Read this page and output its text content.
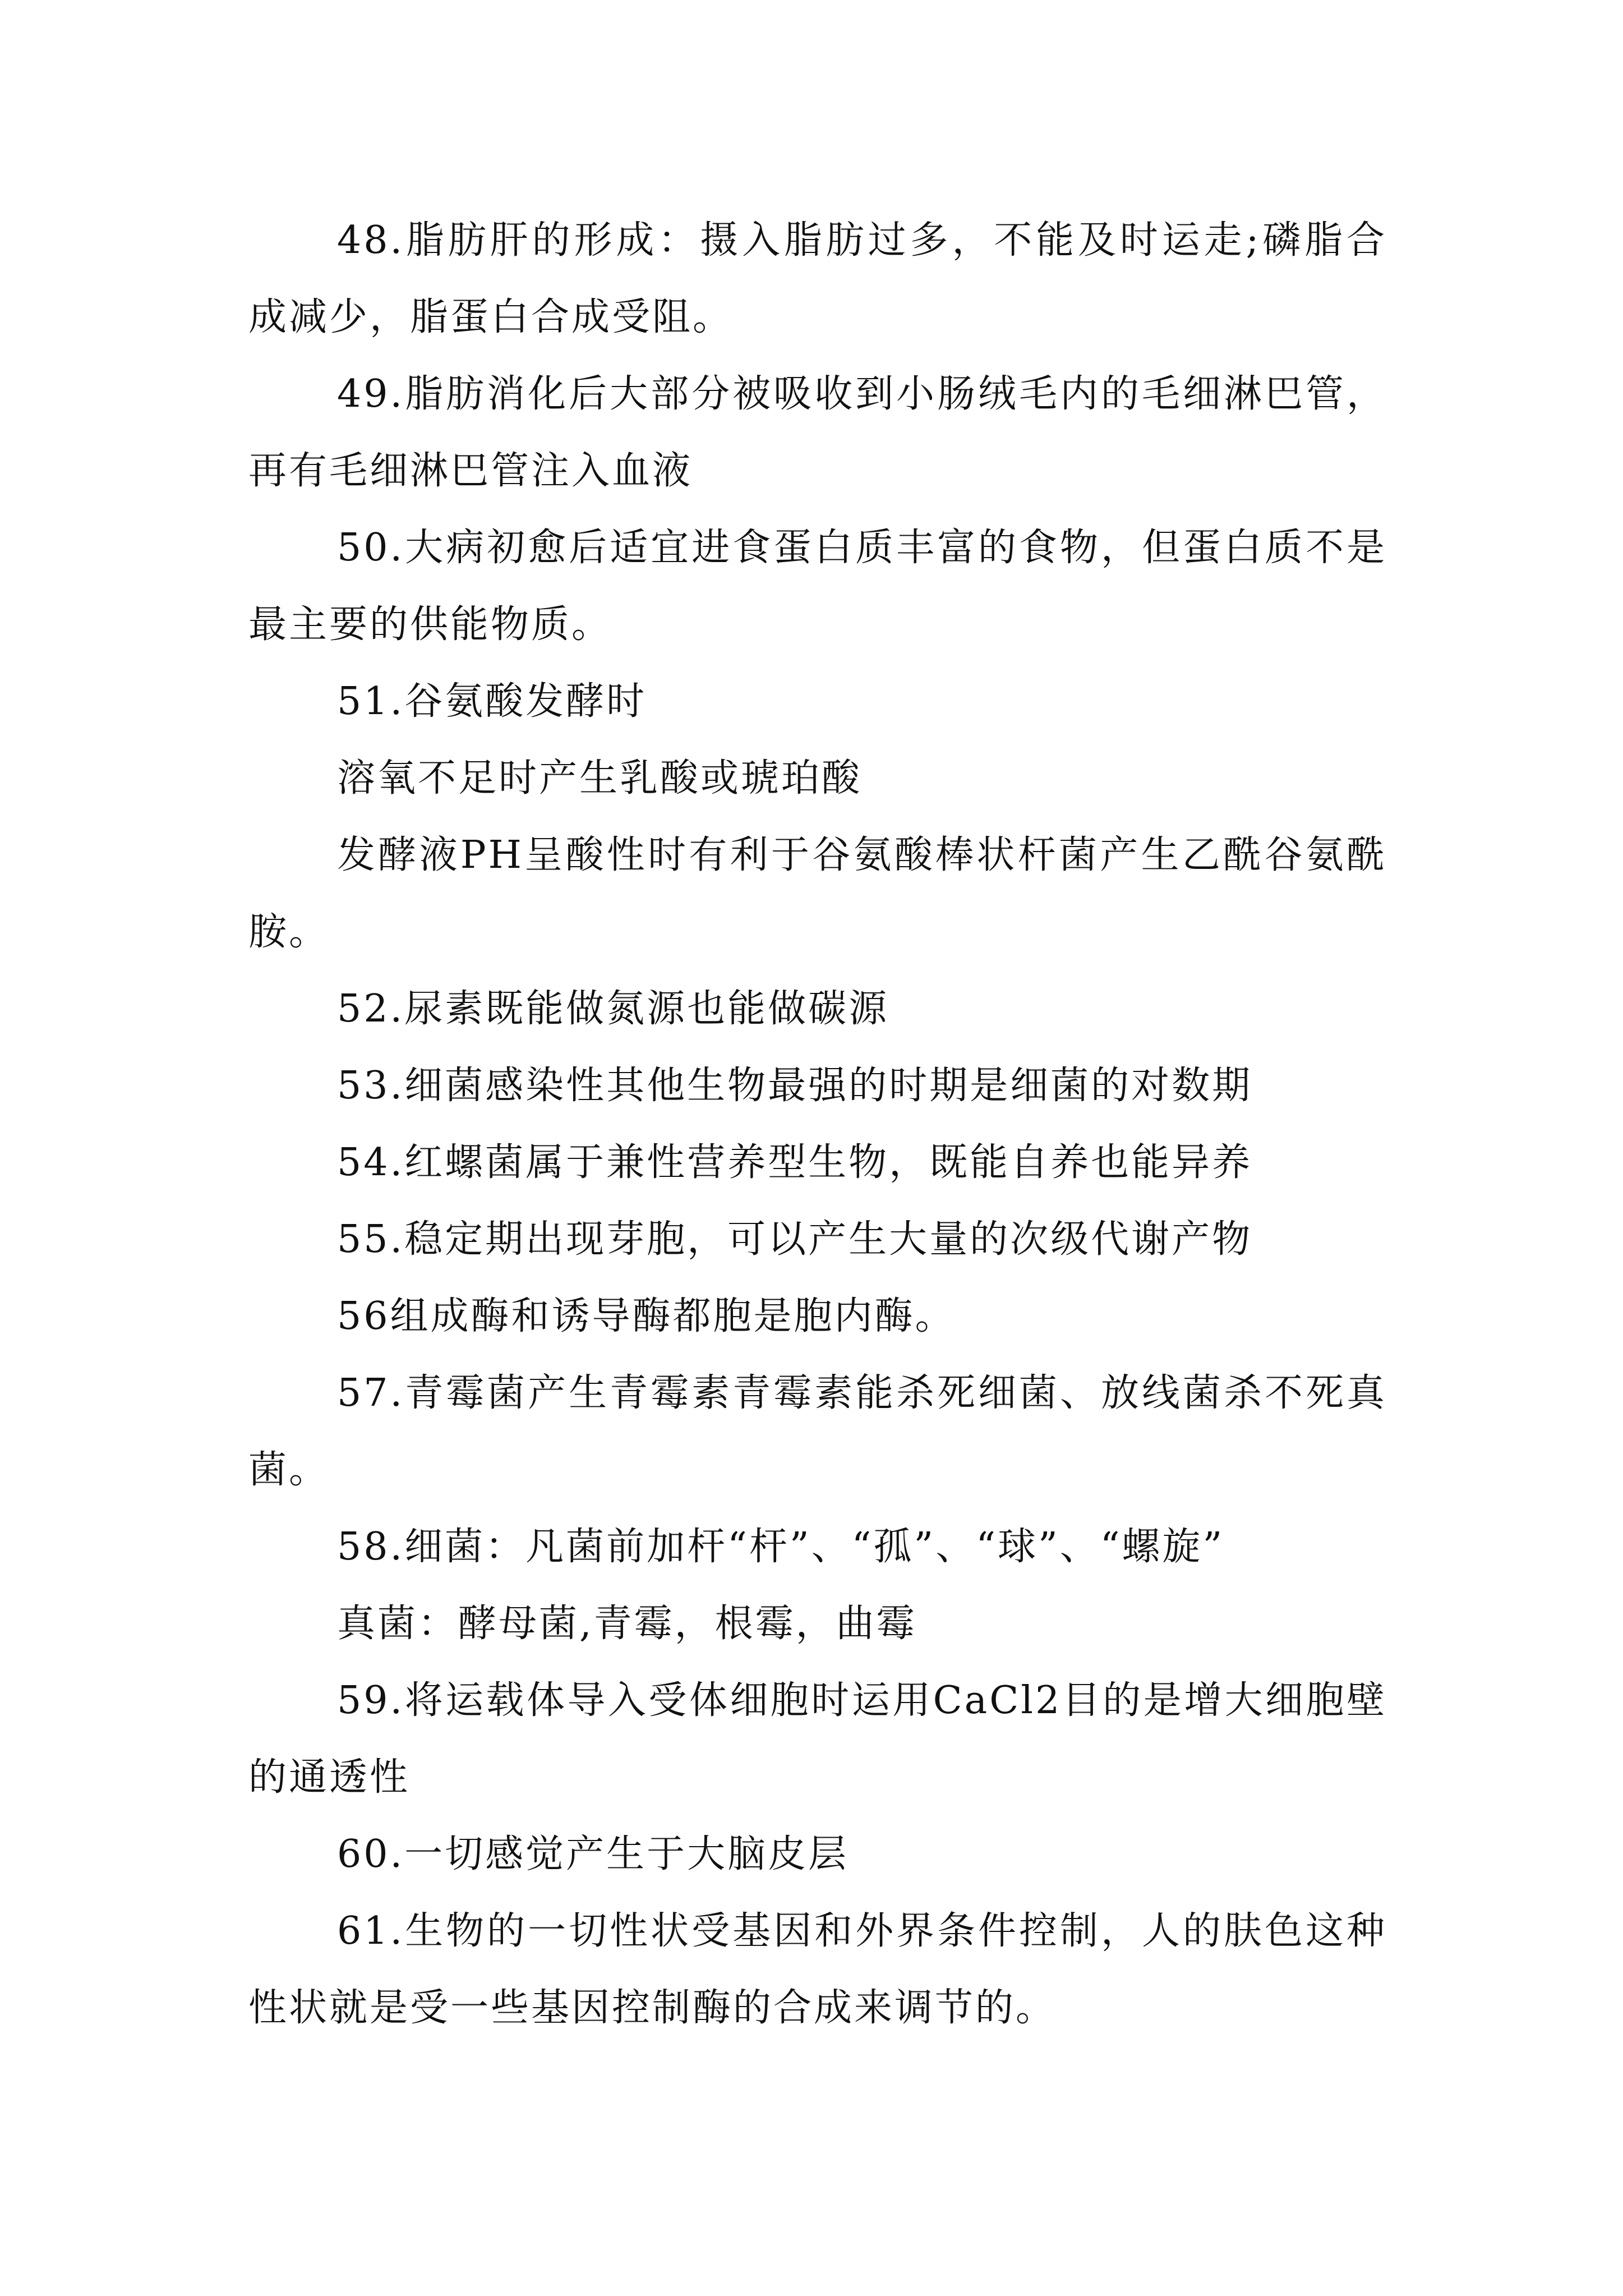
48.脂肪肝的形成：摄入脂肪过多，不能及时运走;磷脂合成减少，脂蛋白合成受阻。

49.脂肪消化后大部分被吸收到小肠绒毛内的毛细淋巴管，再有毛细淋巴管注入血液

50.大病初愈后适宜进食蛋白质丰富的食物，但蛋白质不是最主要的供能物质。

51.谷氨酸发酵时

溶氧不足时产生乳酸或琥珀酸

发酵液PH呈酸性时有利于谷氨酸棒状杆菌产生乙酰谷氨酰胺。

52.尿素既能做氮源也能做碳源

53.细菌感染性其他生物最强的时期是细菌的对数期

54.红螺菌属于兼性营养型生物，既能自养也能异养

55.稳定期出现芽胞，可以产生大量的次级代谢产物

56组成酶和诱导酶都胞是胞内酶。

57.青霉菌产生青霉素青霉素能杀死细菌、放线菌杀不死真菌。

58.细菌：凡菌前加杆“杆”、“孤”、“球”、“螺旋”

真菌：酵母菌,青霉，根霉，曲霉

59.将运载体导入受体细胞时运用CaCl2目的是增大细胞壁的通透性

60.一切感觉产生于大脑皮层

61.生物的一切性状受基因和外界条件控制，人的肤色这种性状就是受一些基因控制酶的合成来调节的。
